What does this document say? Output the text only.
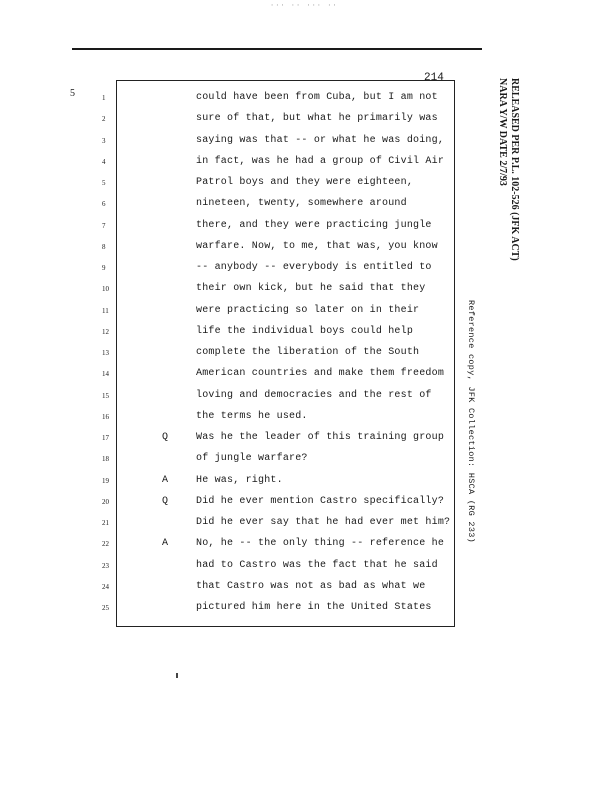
··· ·· ··· ··
5
214
1	could have been from Cuba, but I am not
2	sure of that, but what he primarily was
3	saying was that -- or what he was doing,
4	in fact, was he had a group of Civil Air
5	Patrol boys and they were eighteen,
6	nineteen, twenty, somewhere around
7	there, and they were practicing jungle
8	warfare. Now, to me, that was, you know
9	-- anybody -- everybody is entitled to
10	their own kick, but he said that they
11	were practicing so later on in their
12	life the individual boys could help
13	complete the liberation of the South
14	American countries and make them freedom
15	loving and democracies and the rest of
16	the terms he used.
17	Q	Was he the leader of this training group
18	of jungle warfare?
19	A	He was, right.
20	Q	Did he ever mention Castro specifically?
21	Did he ever say that he had ever met him?
22	A	No, he -- the only thing -- reference he
23	had to Castro was the fact that he said
24	that Castro was not as bad as what we
25	pictured him here in the United States
RELEASED PER P.L. 102-526 (JFK ACT)
NARA Y/W DATE 2/7/93
Reference copy, JFK Collection: HSCA (RG 233)
